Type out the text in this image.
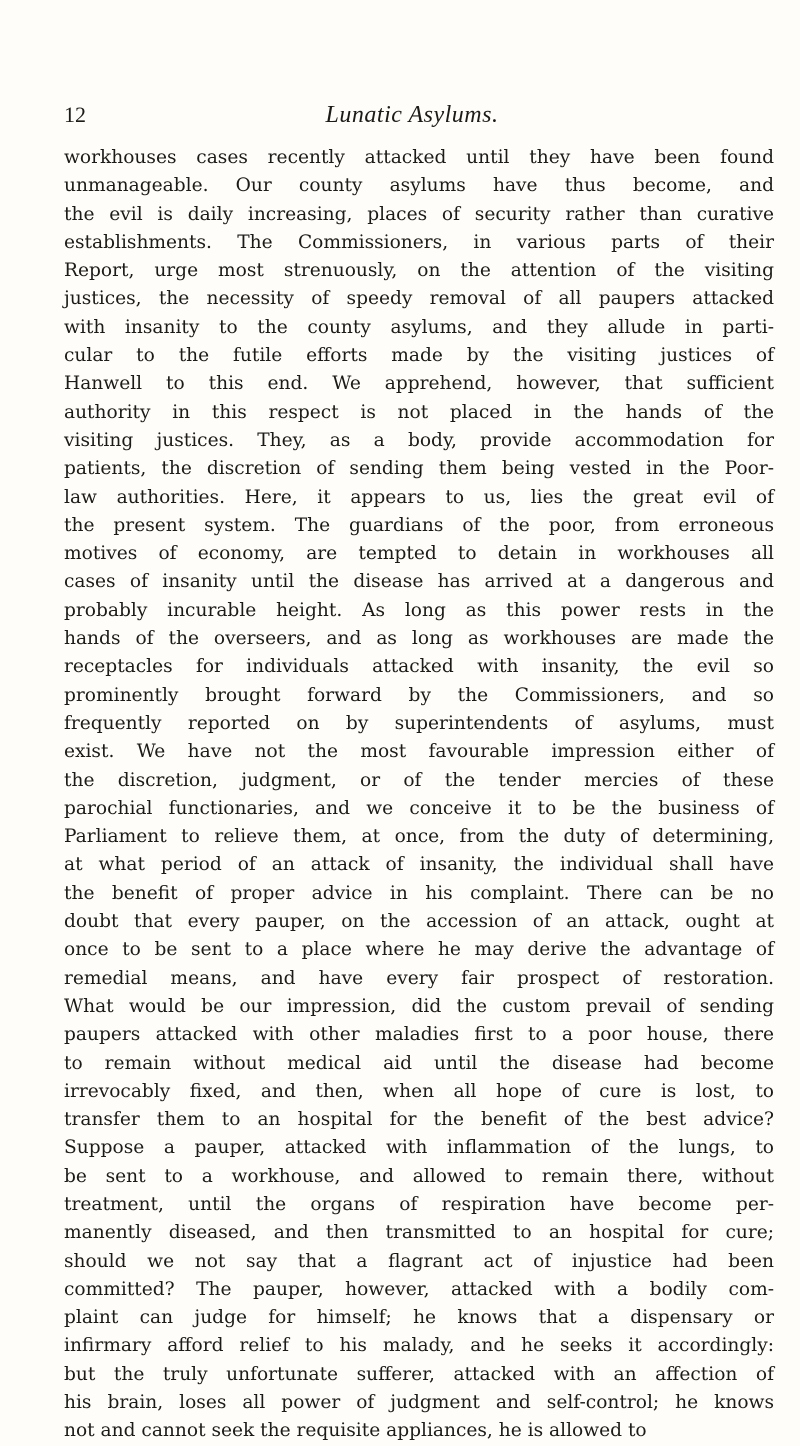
12	Lunatic Asylums.
workhouses cases recently attacked until they have been found
unmanageable. Our county asylums have thus become, and
the evil is daily increasing, places of security rather than curative
establishments. The Commissioners, in various parts of their
Report, urge most strenuously, on the attention of the visiting
justices, the necessity of speedy removal of all paupers attacked
with insanity to the county asylums, and they allude in parti-
cular to the futile efforts made by the visiting justices of
Hanwell to this end. We apprehend, however, that sufficient
authority in this respect is not placed in the hands of the
visiting justices. They, as a body, provide accommodation for
patients, the discretion of sending them being vested in the Poor-
law authorities. Here, it appears to us, lies the great evil of
the present system. The guardians of the poor, from erroneous
motives of economy, are tempted to detain in workhouses all
cases of insanity until the disease has arrived at a dangerous and
probably incurable height. As long as this power rests in the
hands of the overseers, and as long as workhouses are made the
receptacles for individuals attacked with insanity, the evil so
prominently brought forward by the Commissioners, and so
frequently reported on by superintendents of asylums, must
exist. We have not the most favourable impression either of
the discretion, judgment, or of the tender mercies of these
parochial functionaries, and we conceive it to be the business of
Parliament to relieve them, at once, from the duty of determining,
at what period of an attack of insanity, the individual shall have
the benefit of proper advice in his complaint. There can be no
doubt that every pauper, on the accession of an attack, ought at
once to be sent to a place where he may derive the advantage of
remedial means, and have every fair prospect of restoration.
What would be our impression, did the custom prevail of sending
paupers attacked with other maladies first to a poor house, there
to remain without medical aid until the disease had become
irrevocably fixed, and then, when all hope of cure is lost, to
transfer them to an hospital for the benefit of the best advice?
Suppose a pauper, attacked with inflammation of the lungs, to
be sent to a workhouse, and allowed to remain there, without
treatment, until the organs of respiration have become per-
manently diseased, and then transmitted to an hospital for cure;
should we not say that a flagrant act of injustice had been
committed? The pauper, however, attacked with a bodily com-
plaint can judge for himself; he knows that a dispensary or
infirmary afford relief to his malady, and he seeks it accordingly:
but the truly unfortunate sufferer, attacked with an affection of
his brain, loses all power of judgment and self-control; he knows
not and cannot seek the requisite appliances, he is allowed to
